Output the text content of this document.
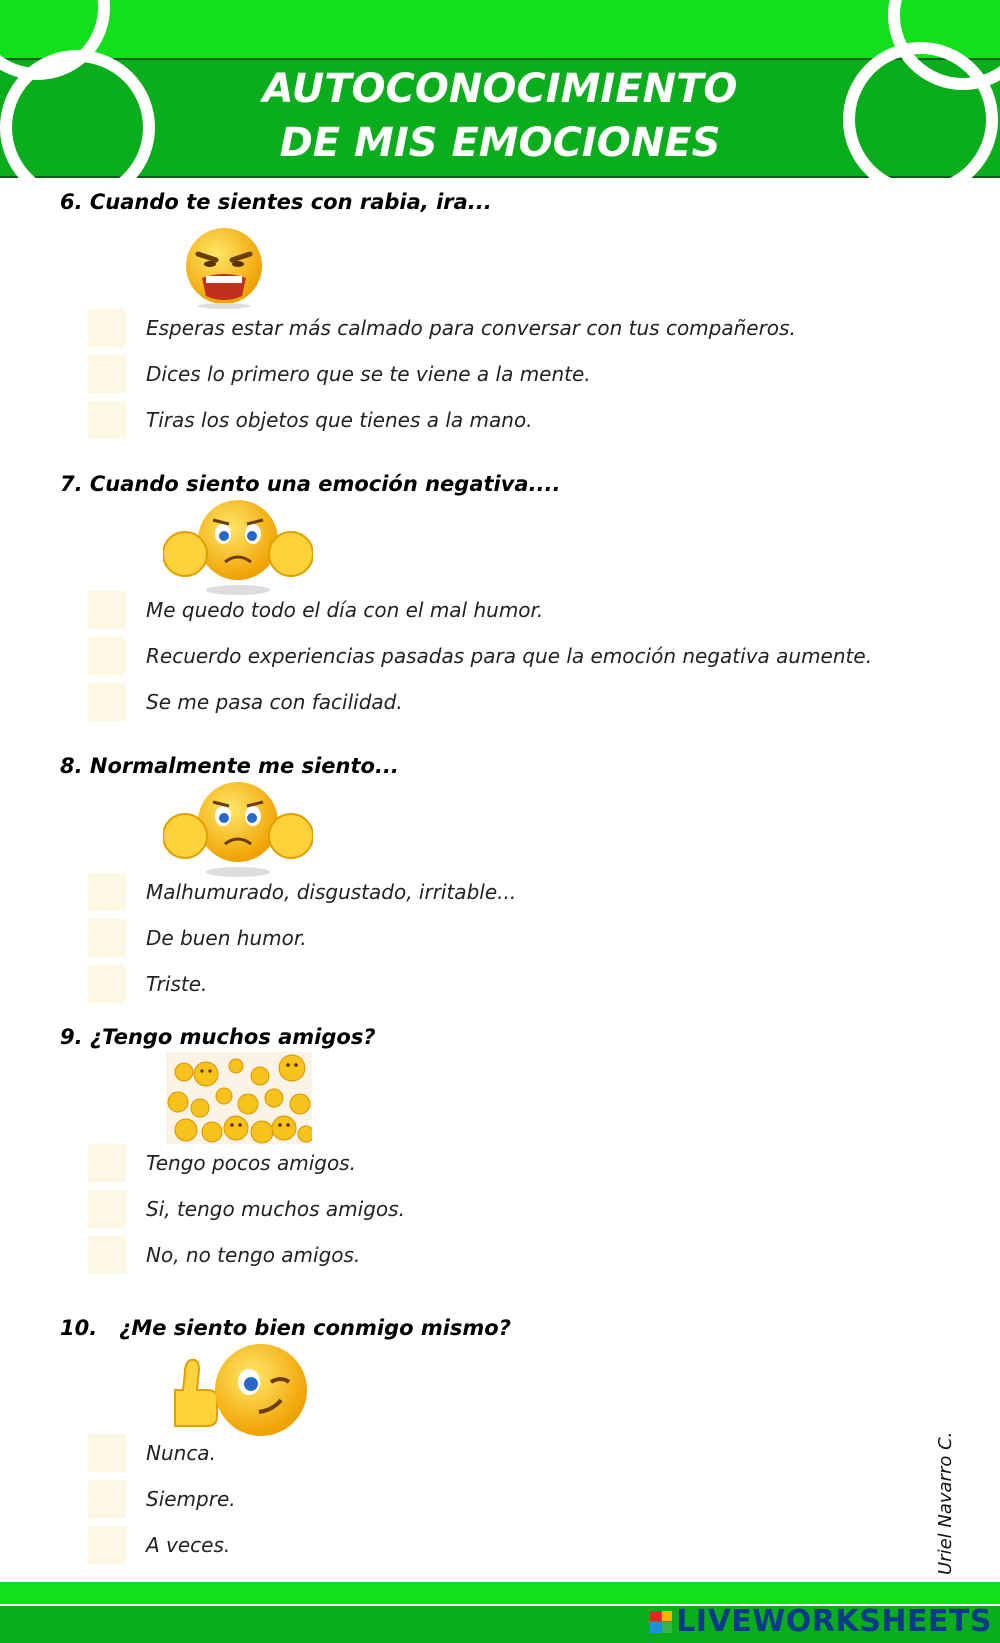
AUTOCONOCIMIENTO
DE MIS EMOCIONES
6. Cuando te sientes con rabia, ira...
Esperas estar más calmado para conversar con tus compañeros.
Dices lo primero que se te viene a la mente.
Tiras los objetos que tienes a la mano.
7. Cuando siento una emoción negativa....
Me quedo todo el día con el mal humor.
Recuerdo experiencias pasadas para que la emoción negativa aumente.
Se me pasa con facilidad.
8. Normalmente me siento...
Malhumurado, disgustado, irritable...
De buen humor.
Triste.
9. ¿Tengo muchos amigos?
Tengo pocos amigos.
Si, tengo muchos amigos.
No, no tengo amigos.
10.   ¿Me siento bien conmigo mismo?
Nunca.
Siempre.
A veces.	Uriel Navarro C.
LIVEWORKSHEETS
